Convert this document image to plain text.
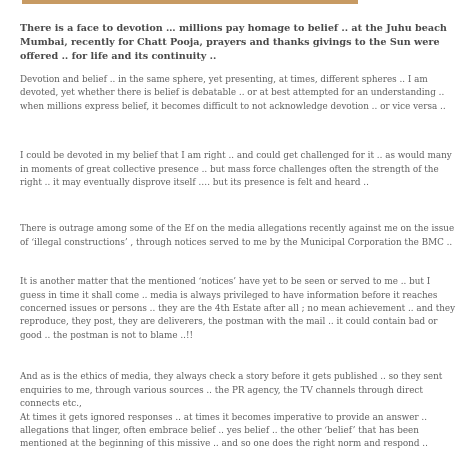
There is a face to devotion … millions pay homage to belief .. at the Juhu beach Mumbai, recently for Chatt Pooja, prayers and thanks givings to the Sun were offered .. for life and its continuity ..

Devotion and belief .. in the same sphere, yet presenting, at times, different spheres .. I am devoted, yet whether there is belief is debatable .. or at best attempted for an understanding .. when millions express belief, it becomes difficult to not acknowledge devotion .. or vice versa ..

I could be devoted in my belief that I am right .. and could get challenged for it .. as would many in moments of great collective presence .. but mass force challenges often the strength of the right .. it may eventually disprove itself …. but its presence is felt and heard ..

There is outrage among some of the Ef on the media allegations recently against me on the issue of ‘illegal constructions’ , through notices served to me by the Municipal Corporation the BMC ..

It is another matter that the mentioned ‘notices’ have yet to be seen or served to me .. but I guess in time it shall come .. media is always privileged to have information before it reaches concerned issues or persons .. they are the 4th Estate after all ; no mean achievement .. and they reproduce, they post, they are deliverers, the postman with the mail .. it could contain bad or good .. the postman is not to blame ..!!

And as is the ethics of media, they always check a story before it gets published .. so they sent enquiries to me, through various sources .. the PR agency, the TV channels through direct connects etc.,
At times it gets ignored responses .. at times it becomes imperative to provide an answer .. allegations that linger, often embrace belief .. yes belief .. the other ‘belief’ that has been mentioned at the beginning of this missive .. and so one does the right norm and respond ..
